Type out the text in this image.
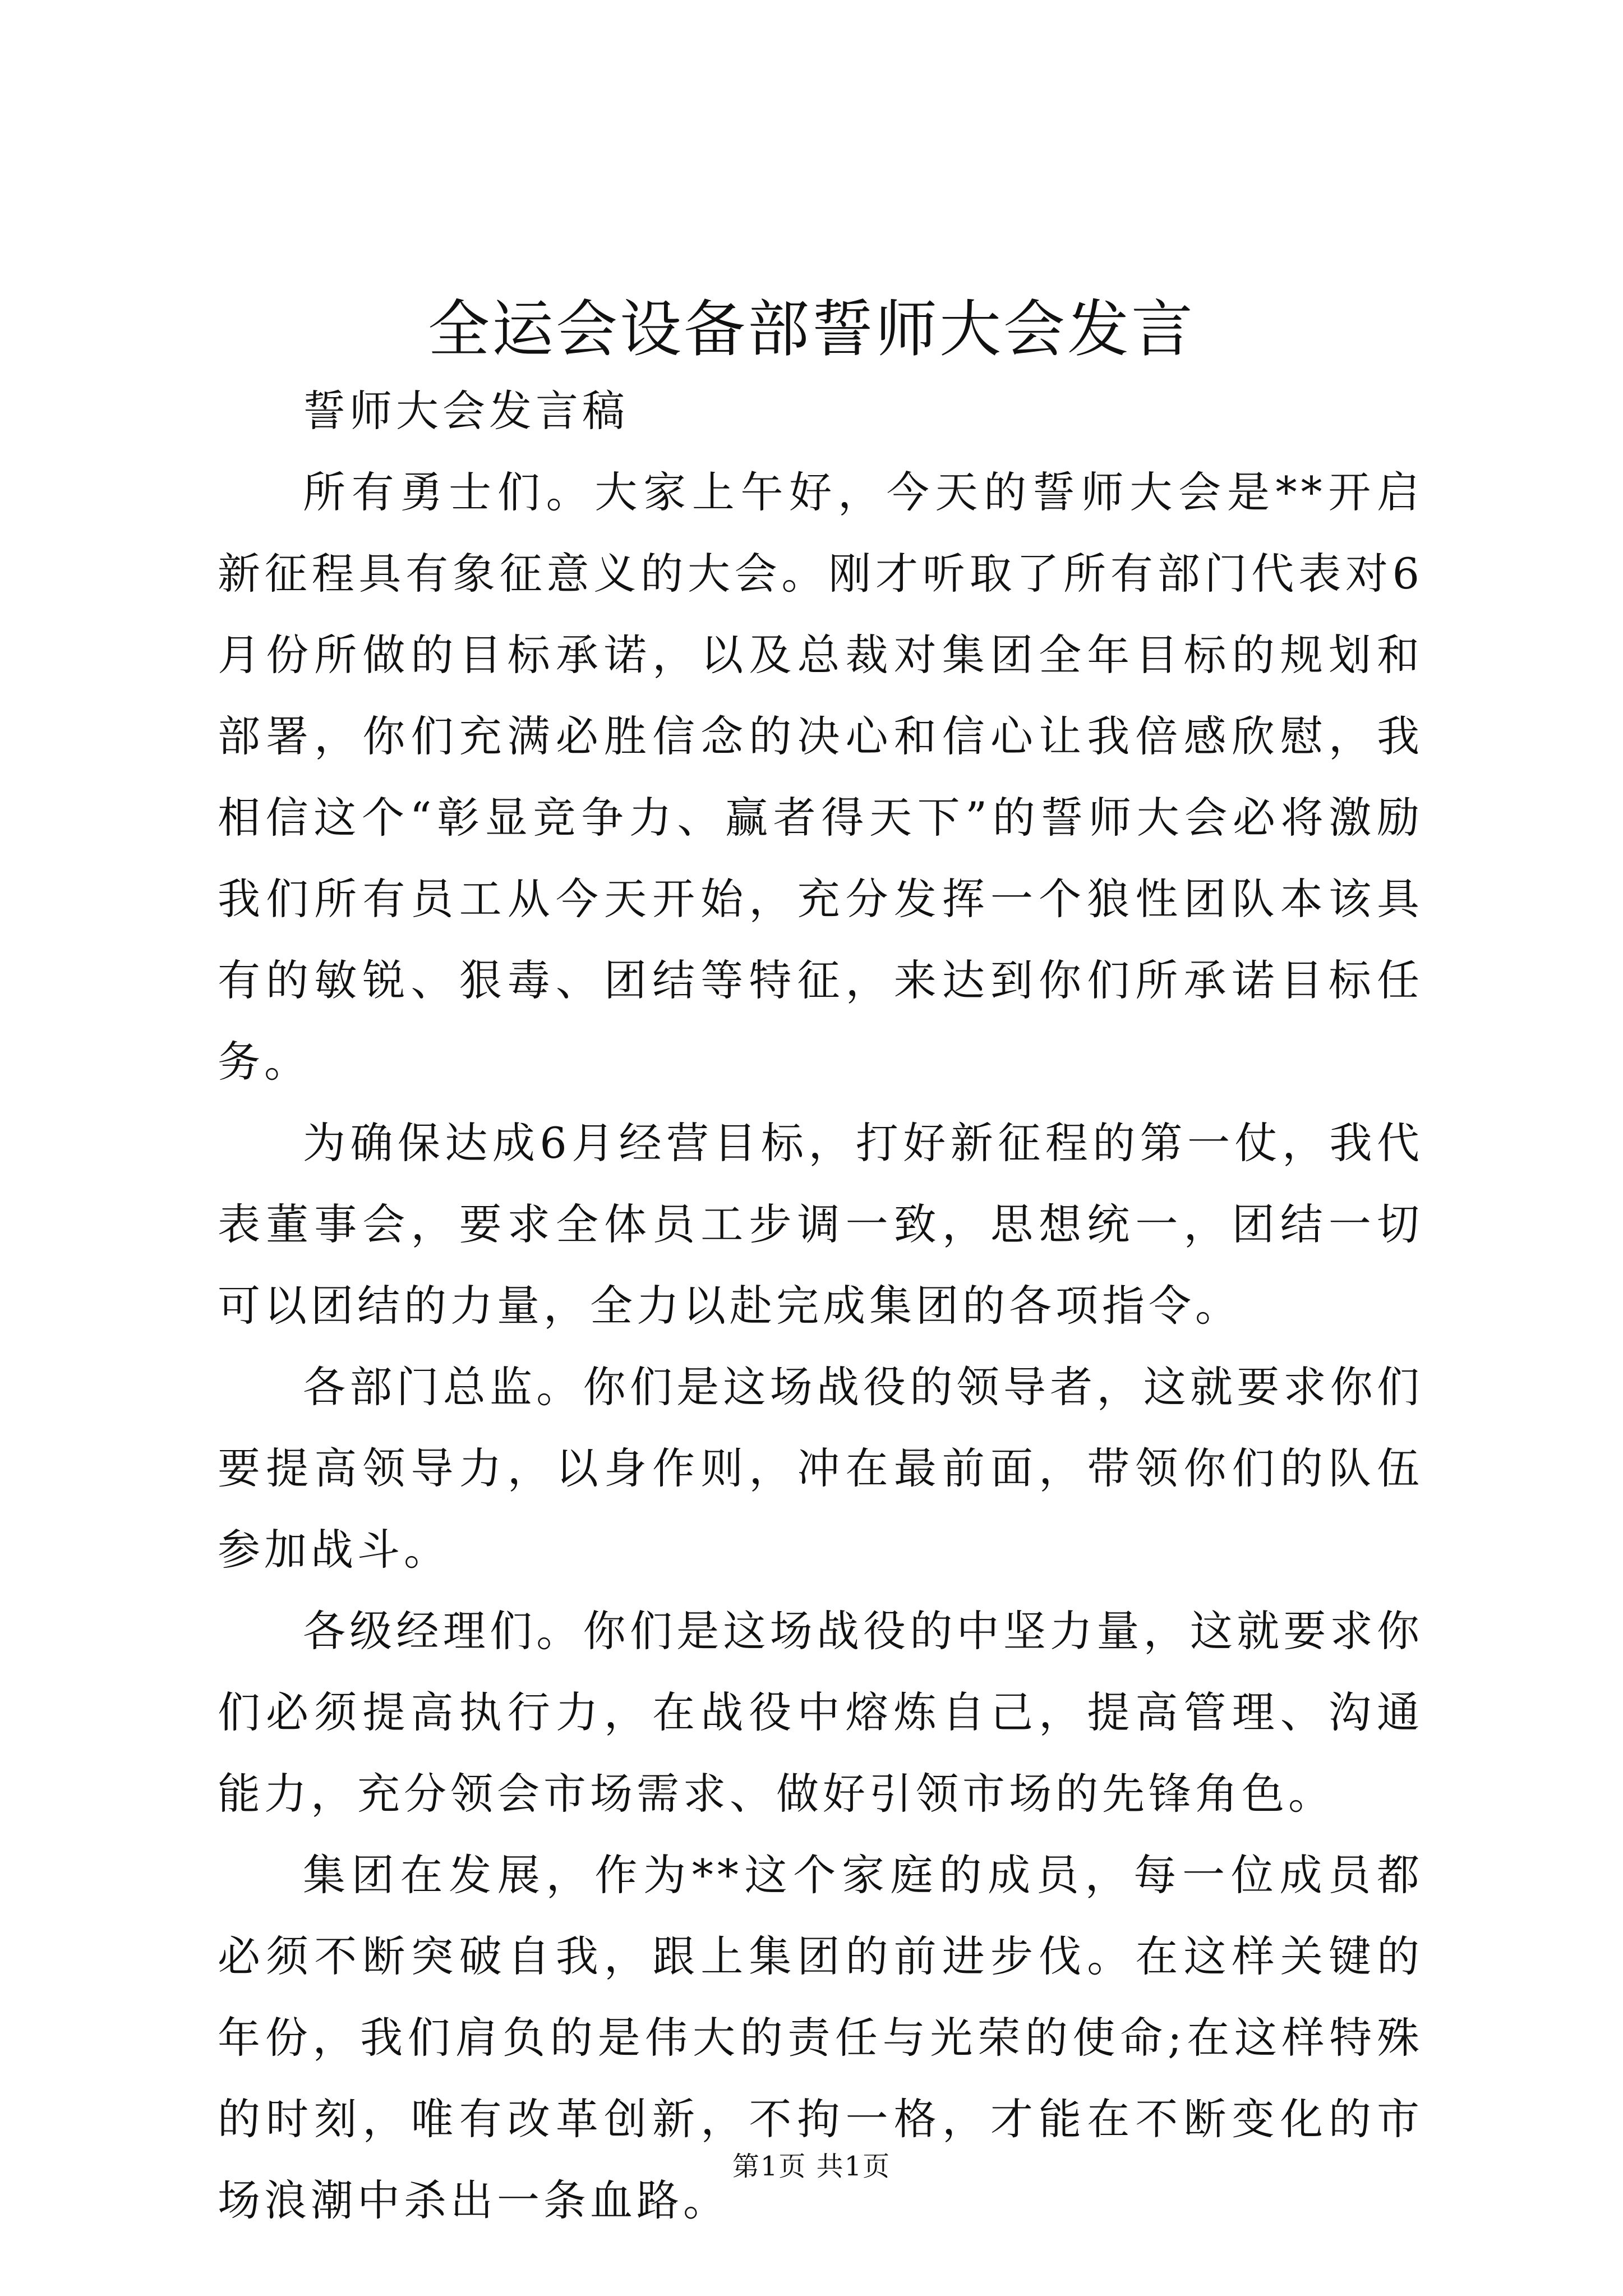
全运会设备部誓师大会发言

誓师大会发言稿

所有勇士们。大家上午好，今天的誓师大会是**开启新征程具有象征意义的大会。刚才听取了所有部门代表对6月份所做的目标承诺，以及总裁对集团全年目标的规划和部署，你们充满必胜信念的决心和信心让我倍感欣慰，我相信这个“彰显竞争力、赢者得天下”的誓师大会必将激励我们所有员工从今天开始，充分发挥一个狼性团队本该具有的敏锐、狠毒、团结等特征，来达到你们所承诺目标任务。

为确保达成6月经营目标，打好新征程的第一仗，我代表董事会，要求全体员工步调一致，思想统一，团结一切可以团结的力量，全力以赴完成集团的各项指令。

各部门总监。你们是这场战役的领导者，这就要求你们要提高领导力，以身作则，冲在最前面，带领你们的队伍参加战斗。

各级经理们。你们是这场战役的中坚力量，这就要求你们必须提高执行力，在战役中熔炼自己，提高管理、沟通能力，充分领会市场需求、做好引领市场的先锋角色。

集团在发展，作为**这个家庭的成员，每一位成员都必须不断突破自我，跟上集团的前进步伐。在这样关键的年份，我们肩负的是伟大的责任与光荣的使命;在这样特殊的时刻，唯有改革创新，不拘一格，才能在不断变化的市场浪潮中杀出一条血路。

第1页 共1页
